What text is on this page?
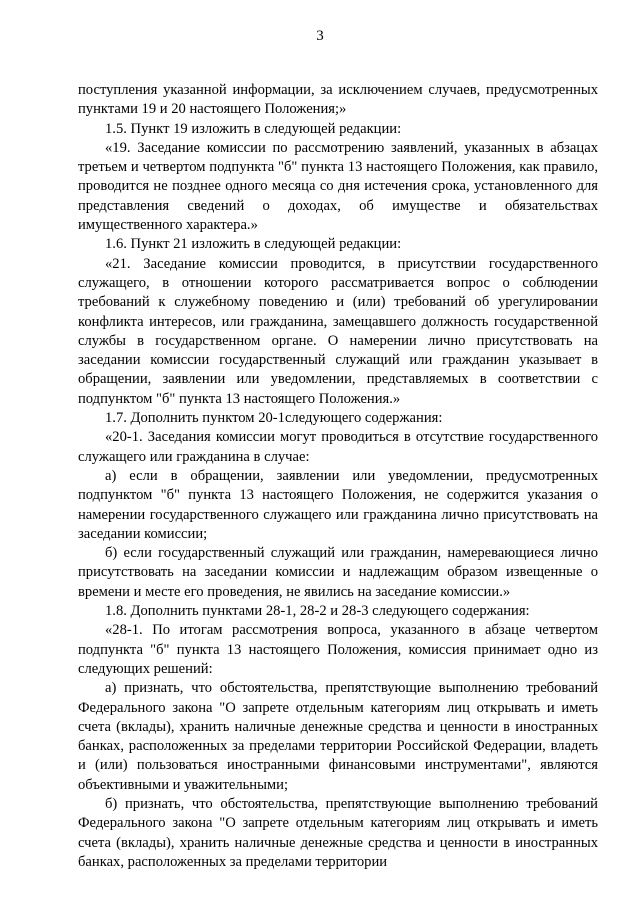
3

поступления указанной информации, за исключением случаев, предусмотренных пунктами 19 и 20 настоящего Положения;»

1.5. Пункт 19 изложить в следующей редакции:

«19. Заседание комиссии по рассмотрению заявлений, указанных в абзацах третьем и четвертом подпункта "б" пункта 13 настоящего Положения, как правило, проводится не позднее одного месяца со дня истечения срока, установленного для представления сведений о доходах, об имуществе и обязательствах имущественного характера.»

1.6. Пункт 21 изложить в следующей редакции:

«21. Заседание комиссии проводится, в присутствии государственного служащего, в отношении которого рассматривается вопрос о соблюдении требований к служебному поведению и (или) требований об урегулировании конфликта интересов, или гражданина, замещавшего должность государственной службы в государственном органе. О намерении лично присутствовать на заседании комиссии государственный служащий или гражданин указывает в обращении, заявлении или уведомлении, представляемых в соответствии с подпунктом "б" пункта 13 настоящего Положения.»

1.7. Дополнить пунктом 20-1следующего содержания:

«20-1. Заседания комиссии могут проводиться в отсутствие государственного служащего или гражданина в случае:

а) если в обращении, заявлении или уведомлении, предусмотренных подпунктом "б" пункта 13 настоящего Положения, не содержится указания о намерении государственного служащего или гражданина лично присутствовать на заседании комиссии;

б) если государственный служащий или гражданин, намеревающиеся лично присутствовать на заседании комиссии и надлежащим образом извещенные о времени и месте его проведения, не явились на заседание комиссии.»

1.8. Дополнить пунктами 28-1, 28-2 и 28-3 следующего содержания:

«28-1. По итогам рассмотрения вопроса, указанного в абзаце четвертом подпункта "б" пункта 13 настоящего Положения, комиссия принимает одно из следующих решений:

а) признать, что обстоятельства, препятствующие выполнению требований Федерального закона "О запрете отдельным категориям лиц открывать и иметь счета (вклады), хранить наличные денежные средства и ценности в иностранных банках, расположенных за пределами территории Российской Федерации, владеть и (или) пользоваться иностранными финансовыми инструментами", являются объективными и уважительными;

б) признать, что обстоятельства, препятствующие выполнению требований Федерального закона "О запрете отдельным категориям лиц открывать и иметь счета (вклады), хранить наличные денежные средства и ценности в иностранных банках, расположенных за пределами территории
